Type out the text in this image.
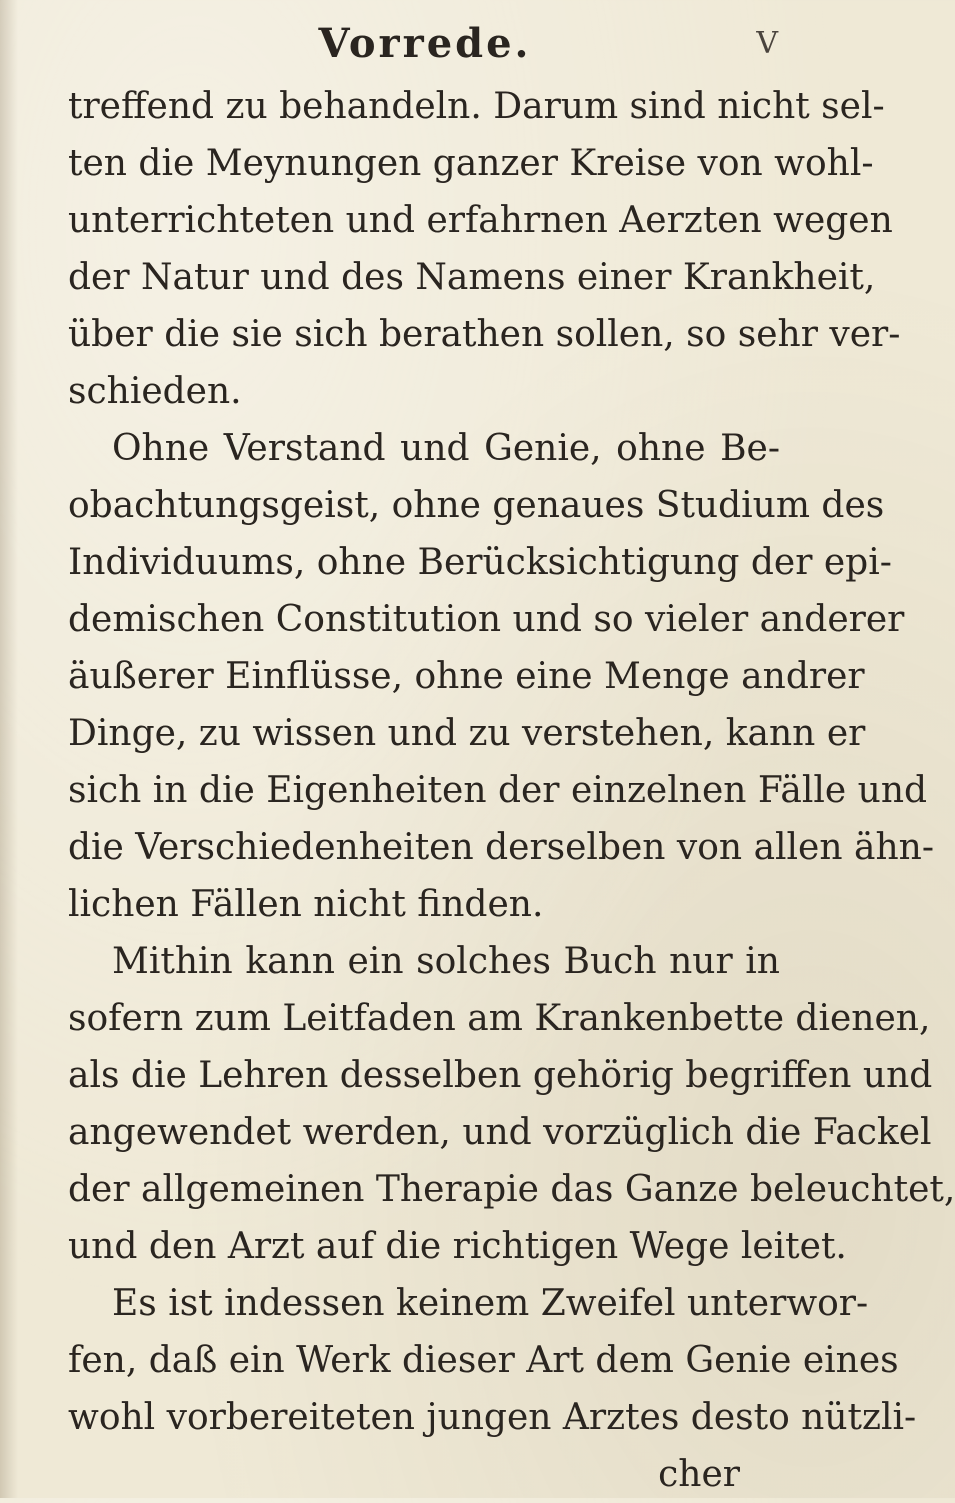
Vorrede.	V
treffend zu behandeln. Darum sind nicht sel-
ten die Meynungen ganzer Kreise von wohl-
unterrichteten und erfahrnen Aerzten wegen
der Natur und des Namens einer Krankheit,
über die sie sich berathen sollen, so sehr ver-
schieden.
Ohne Verstand und Genie, ohne Be-
obachtungsgeist, ohne genaues Studium des
Individuums, ohne Berücksichtigung der epi-
demischen Constitution und so vieler anderer
äußerer Einflüsse, ohne eine Menge andrer
Dinge, zu wissen und zu verstehen, kann er
sich in die Eigenheiten der einzelnen Fälle und
die Verschiedenheiten derselben von allen ähn-
lichen Fällen nicht finden.
Mithin kann ein solches Buch nur in
sofern zum Leitfaden am Krankenbette dienen,
als die Lehren desselben gehörig begriffen und
angewendet werden, und vorzüglich die Fackel
der allgemeinen Therapie das Ganze beleuchtet,
und den Arzt auf die richtigen Wege leitet.
Es ist indessen keinem Zweifel unterwor-
fen, daß ein Werk dieser Art dem Genie eines
wohl vorbereiteten jungen Arztes desto nützli-
cher
